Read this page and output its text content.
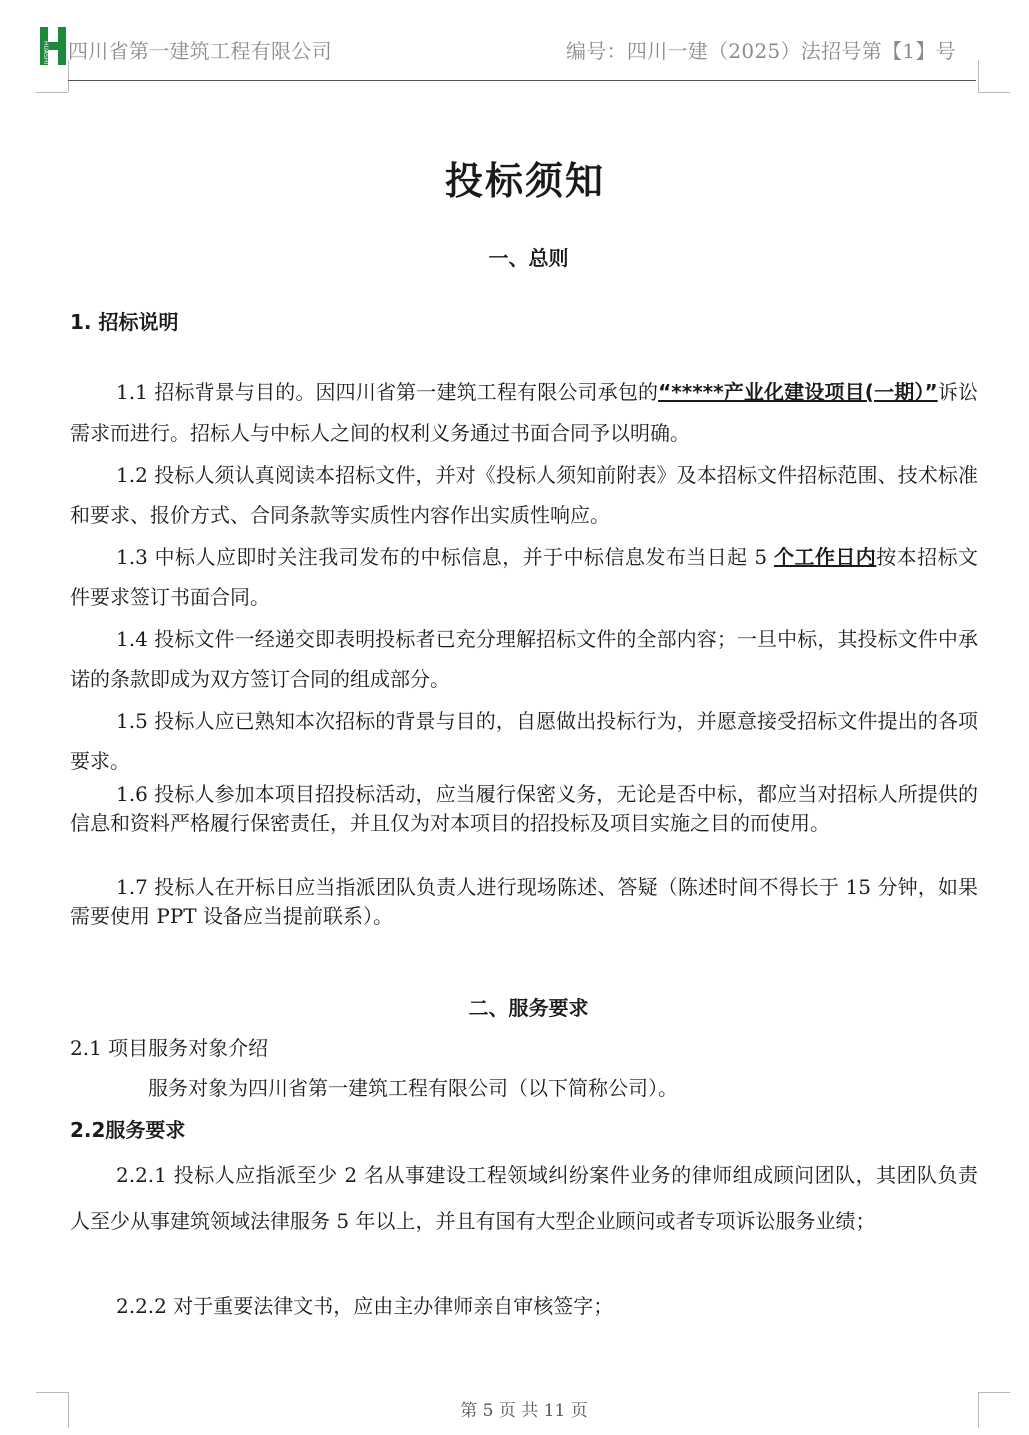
HUASHI 四川省第一建筑工程有限公司	编号：四川一建（2025）法招号第【1】号
投标须知
一、总则
1. 招标说明
1.1 招标背景与目的。因四川省第一建筑工程有限公司承包的“*****产业化建设项目(一期）”诉讼需求而进行。招标人与中标人之间的权利义务通过书面合同予以明确。
1.2 投标人须认真阅读本招标文件，并对《投标人须知前附表》及本招标文件招标范围、技术标准和要求、报价方式、合同条款等实质性内容作出实质性响应。
1.3 中标人应即时关注我司发布的中标信息，并于中标信息发布当日起 5 个工作日内按本招标文件要求签订书面合同。
1.4 投标文件一经递交即表明投标者已充分理解招标文件的全部内容；一旦中标，其投标文件中承诺的条款即成为双方签订合同的组成部分。
1.5 投标人应已熟知本次招标的背景与目的，自愿做出投标行为，并愿意接受招标文件提出的各项要求。
1.6 投标人参加本项目招投标活动，应当履行保密义务，无论是否中标，都应当对招标人所提供的信息和资料严格履行保密责任，并且仅为对本项目的招投标及项目实施之目的而使用。
1.7 投标人在开标日应当指派团队负责人进行现场陈述、答疑（陈述时间不得长于 15 分钟，如果需要使用 PPT 设备应当提前联系）。
二、服务要求
2.1 项目服务对象介绍
服务对象为四川省第一建筑工程有限公司（以下简称公司）。
2.2服务要求
2.2.1 投标人应指派至少 2 名从事建设工程领域纠纷案件业务的律师组成顾问团队，其团队负责人至少从事建筑领域法律服务 5 年以上，并且有国有大型企业顾问或者专项诉讼服务业绩；
2.2.2 对于重要法律文书，应由主办律师亲自审核签字；
第 5 页 共 11 页
